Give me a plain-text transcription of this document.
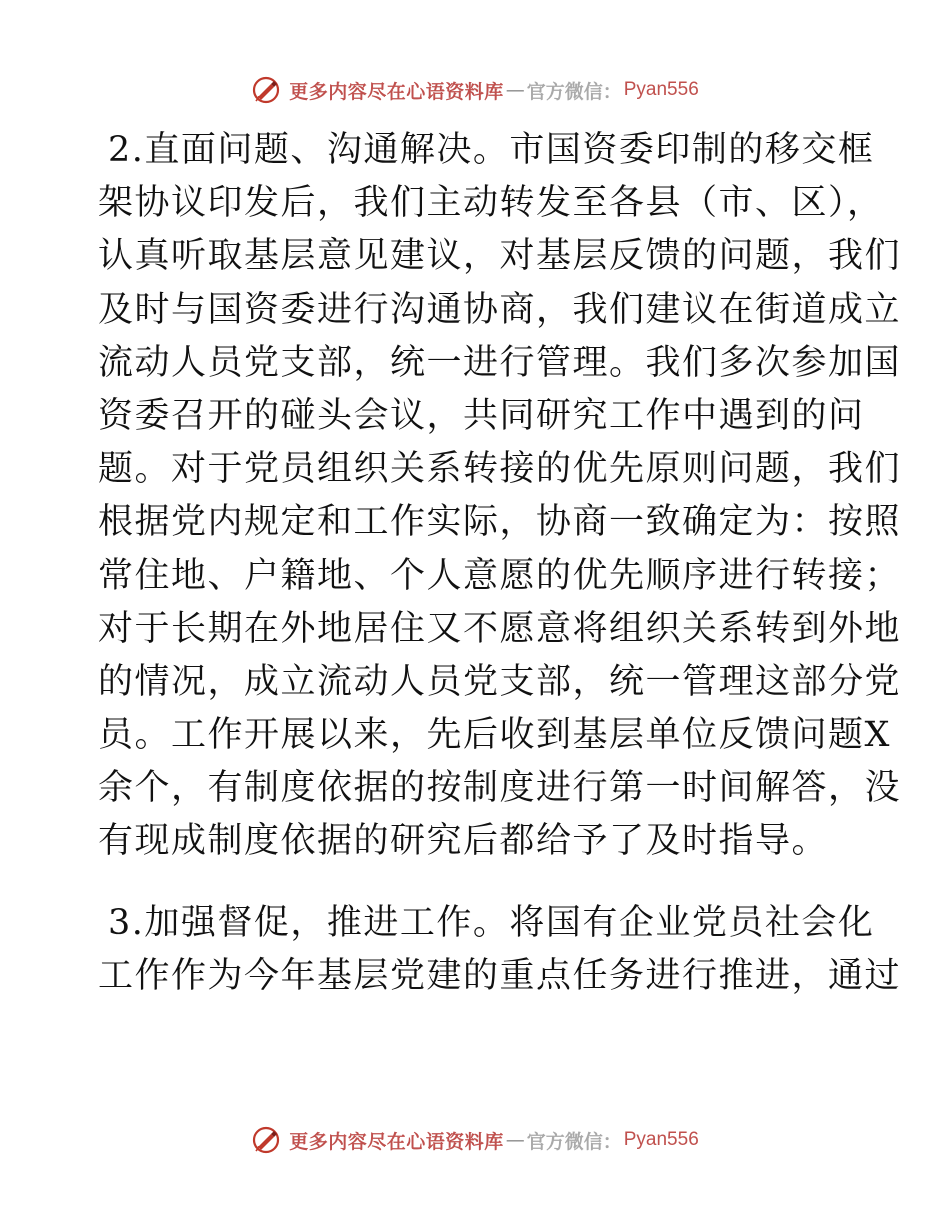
更多内容尽在心语资料库 — 官方微信： Pyan556
2.直面问题、沟通解决。市国资委印制的移交框
架协议印发后，我们主动转发至各县（市、区），
认真听取基层意见建议，对基层反馈的问题，我们
及时与国资委进行沟通协商，我们建议在街道成立
流动人员党支部，统一进行管理。我们多次参加国
资委召开的碰头会议，共同研究工作中遇到的问
题。对于党员组织关系转接的优先原则问题，我们
根据党内规定和工作实际，协商一致确定为：按照
常住地、户籍地、个人意愿的优先顺序进行转接；
对于长期在外地居住又不愿意将组织关系转到外地
的情况，成立流动人员党支部，统一管理这部分党
员。工作开展以来，先后收到基层单位反馈问题X
余个，有制度依据的按制度进行第一时间解答，没
有现成制度依据的研究后都给予了及时指导。
3.加强督促，推进工作。将国有企业党员社会化
工作作为今年基层党建的重点任务进行推进，通过
更多内容尽在心语资料库 — 官方微信： Pyan556
